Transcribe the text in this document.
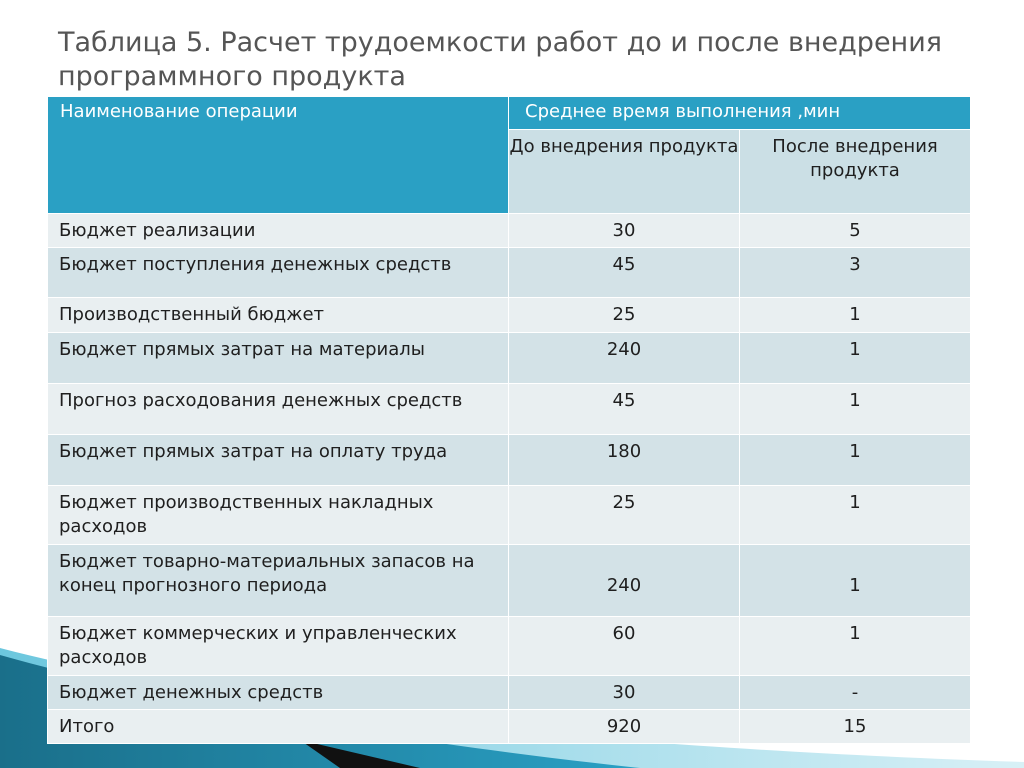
Таблица 5. Расчет трудоемкости работ до и после внедрения
программного продукта
Наименование операции	Среднее время выполнения ,мин	

	До внедрения продукта	После внедрения продукта

Бюджет реализации	30	5

Бюджет поступления денежных средств	45	3

Производственный бюджет	25	1

Бюджет прямых затрат на материалы	240	1

Прогноз расходования денежных средств	45	1

Бюджет прямых затрат на оплату труда	180	1

Бюджет производственных накладных расходов	25	1

Бюджет товарно-материальных запасов на конец прогнозного периода	240	1

Бюджет коммерческих и управленческих расходов	60	1

Бюджет денежных средств	30	-

Итого	920	15
